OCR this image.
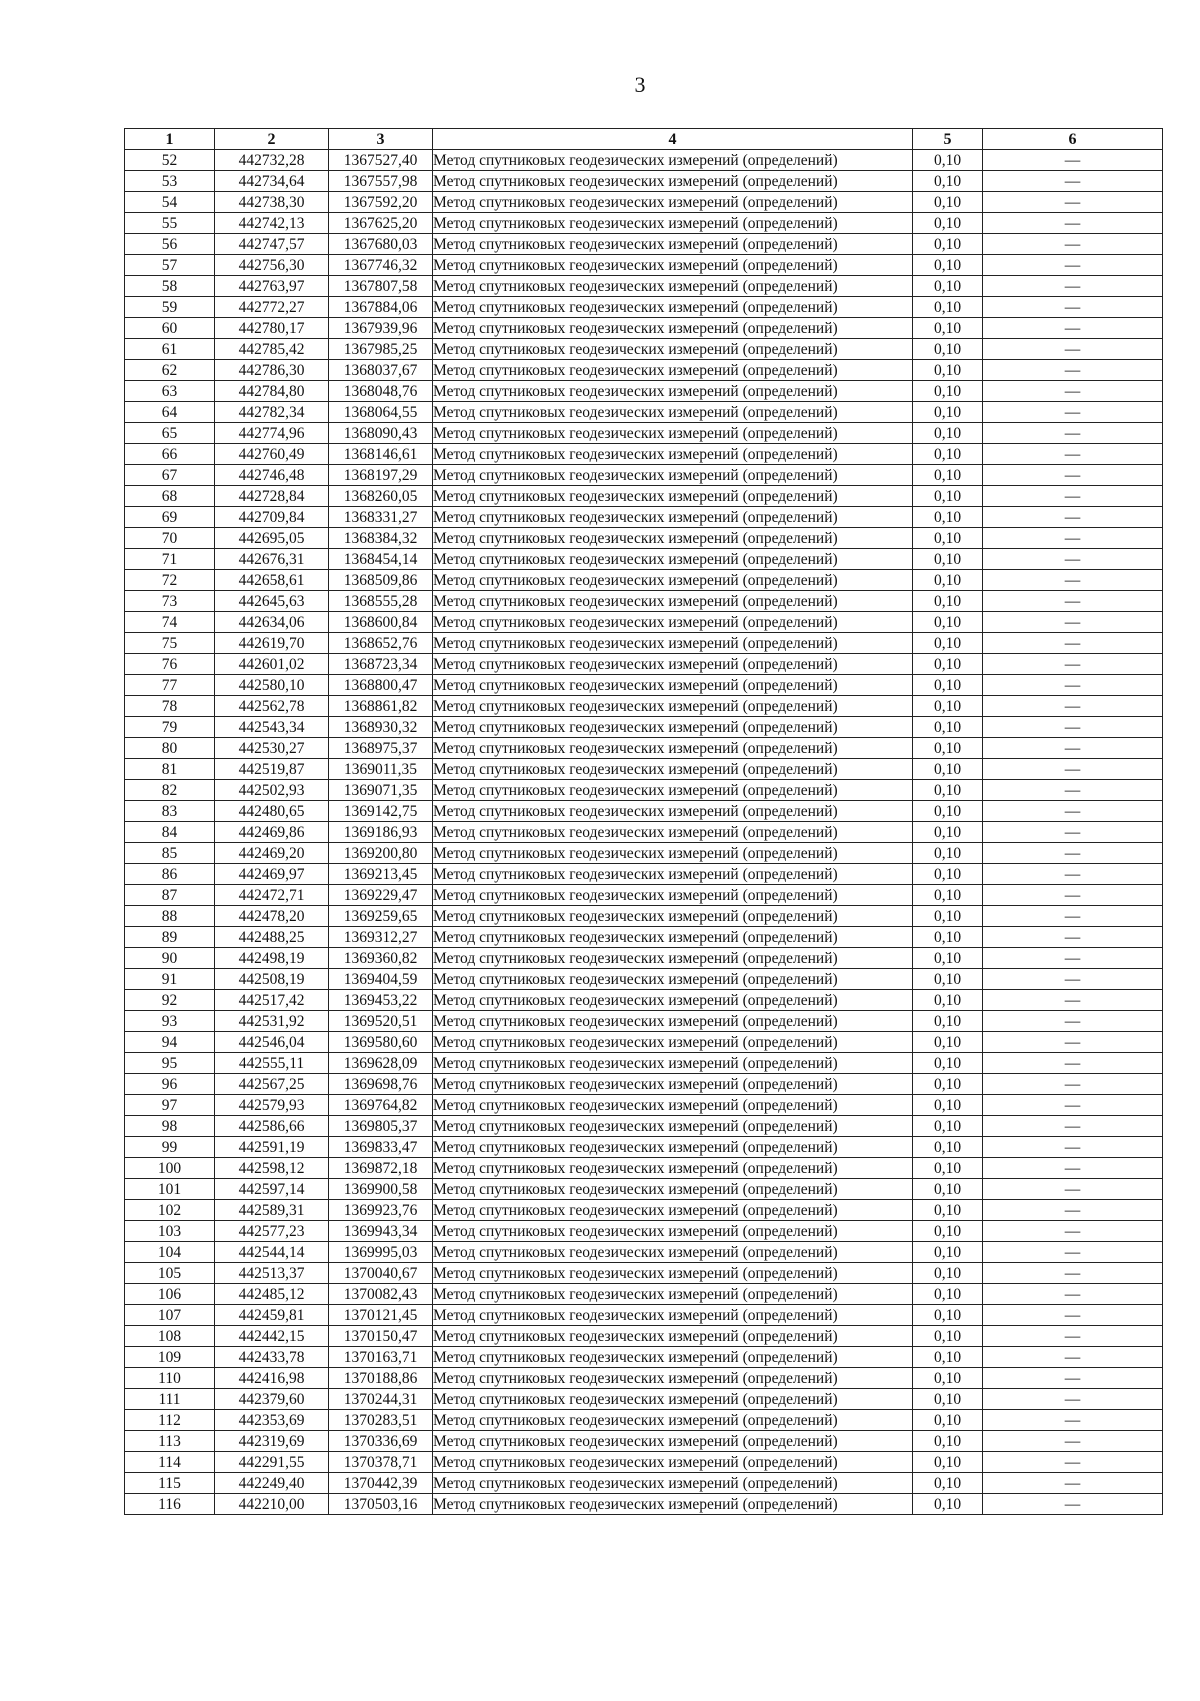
3
1	2	3	4	5	6
52	442732,28	1367527,40	Метод спутниковых геодезических измерений (определений)	0,10	—
53	442734,64	1367557,98	Метод спутниковых геодезических измерений (определений)	0,10	—
54	442738,30	1367592,20	Метод спутниковых геодезических измерений (определений)	0,10	—
55	442742,13	1367625,20	Метод спутниковых геодезических измерений (определений)	0,10	—
56	442747,57	1367680,03	Метод спутниковых геодезических измерений (определений)	0,10	—
57	442756,30	1367746,32	Метод спутниковых геодезических измерений (определений)	0,10	—
58	442763,97	1367807,58	Метод спутниковых геодезических измерений (определений)	0,10	—
59	442772,27	1367884,06	Метод спутниковых геодезических измерений (определений)	0,10	—
60	442780,17	1367939,96	Метод спутниковых геодезических измерений (определений)	0,10	—
61	442785,42	1367985,25	Метод спутниковых геодезических измерений (определений)	0,10	—
62	442786,30	1368037,67	Метод спутниковых геодезических измерений (определений)	0,10	—
63	442784,80	1368048,76	Метод спутниковых геодезических измерений (определений)	0,10	—
64	442782,34	1368064,55	Метод спутниковых геодезических измерений (определений)	0,10	—
65	442774,96	1368090,43	Метод спутниковых геодезических измерений (определений)	0,10	—
66	442760,49	1368146,61	Метод спутниковых геодезических измерений (определений)	0,10	—
67	442746,48	1368197,29	Метод спутниковых геодезических измерений (определений)	0,10	—
68	442728,84	1368260,05	Метод спутниковых геодезических измерений (определений)	0,10	—
69	442709,84	1368331,27	Метод спутниковых геодезических измерений (определений)	0,10	—
70	442695,05	1368384,32	Метод спутниковых геодезических измерений (определений)	0,10	—
71	442676,31	1368454,14	Метод спутниковых геодезических измерений (определений)	0,10	—
72	442658,61	1368509,86	Метод спутниковых геодезических измерений (определений)	0,10	—
73	442645,63	1368555,28	Метод спутниковых геодезических измерений (определений)	0,10	—
74	442634,06	1368600,84	Метод спутниковых геодезических измерений (определений)	0,10	—
75	442619,70	1368652,76	Метод спутниковых геодезических измерений (определений)	0,10	—
76	442601,02	1368723,34	Метод спутниковых геодезических измерений (определений)	0,10	—
77	442580,10	1368800,47	Метод спутниковых геодезических измерений (определений)	0,10	—
78	442562,78	1368861,82	Метод спутниковых геодезических измерений (определений)	0,10	—
79	442543,34	1368930,32	Метод спутниковых геодезических измерений (определений)	0,10	—
80	442530,27	1368975,37	Метод спутниковых геодезических измерений (определений)	0,10	—
81	442519,87	1369011,35	Метод спутниковых геодезических измерений (определений)	0,10	—
82	442502,93	1369071,35	Метод спутниковых геодезических измерений (определений)	0,10	—
83	442480,65	1369142,75	Метод спутниковых геодезических измерений (определений)	0,10	—
84	442469,86	1369186,93	Метод спутниковых геодезических измерений (определений)	0,10	—
85	442469,20	1369200,80	Метод спутниковых геодезических измерений (определений)	0,10	—
86	442469,97	1369213,45	Метод спутниковых геодезических измерений (определений)	0,10	—
87	442472,71	1369229,47	Метод спутниковых геодезических измерений (определений)	0,10	—
88	442478,20	1369259,65	Метод спутниковых геодезических измерений (определений)	0,10	—
89	442488,25	1369312,27	Метод спутниковых геодезических измерений (определений)	0,10	—
90	442498,19	1369360,82	Метод спутниковых геодезических измерений (определений)	0,10	—
91	442508,19	1369404,59	Метод спутниковых геодезических измерений (определений)	0,10	—
92	442517,42	1369453,22	Метод спутниковых геодезических измерений (определений)	0,10	—
93	442531,92	1369520,51	Метод спутниковых геодезических измерений (определений)	0,10	—
94	442546,04	1369580,60	Метод спутниковых геодезических измерений (определений)	0,10	—
95	442555,11	1369628,09	Метод спутниковых геодезических измерений (определений)	0,10	—
96	442567,25	1369698,76	Метод спутниковых геодезических измерений (определений)	0,10	—
97	442579,93	1369764,82	Метод спутниковых геодезических измерений (определений)	0,10	—
98	442586,66	1369805,37	Метод спутниковых геодезических измерений (определений)	0,10	—
99	442591,19	1369833,47	Метод спутниковых геодезических измерений (определений)	0,10	—
100	442598,12	1369872,18	Метод спутниковых геодезических измерений (определений)	0,10	—
101	442597,14	1369900,58	Метод спутниковых геодезических измерений (определений)	0,10	—
102	442589,31	1369923,76	Метод спутниковых геодезических измерений (определений)	0,10	—
103	442577,23	1369943,34	Метод спутниковых геодезических измерений (определений)	0,10	—
104	442544,14	1369995,03	Метод спутниковых геодезических измерений (определений)	0,10	—
105	442513,37	1370040,67	Метод спутниковых геодезических измерений (определений)	0,10	—
106	442485,12	1370082,43	Метод спутниковых геодезических измерений (определений)	0,10	—
107	442459,81	1370121,45	Метод спутниковых геодезических измерений (определений)	0,10	—
108	442442,15	1370150,47	Метод спутниковых геодезических измерений (определений)	0,10	—
109	442433,78	1370163,71	Метод спутниковых геодезических измерений (определений)	0,10	—
110	442416,98	1370188,86	Метод спутниковых геодезических измерений (определений)	0,10	—
111	442379,60	1370244,31	Метод спутниковых геодезических измерений (определений)	0,10	—
112	442353,69	1370283,51	Метод спутниковых геодезических измерений (определений)	0,10	—
113	442319,69	1370336,69	Метод спутниковых геодезических измерений (определений)	0,10	—
114	442291,55	1370378,71	Метод спутниковых геодезических измерений (определений)	0,10	—
115	442249,40	1370442,39	Метод спутниковых геодезических измерений (определений)	0,10	—
116	442210,00	1370503,16	Метод спутниковых геодезических измерений (определений)	0,10	—
